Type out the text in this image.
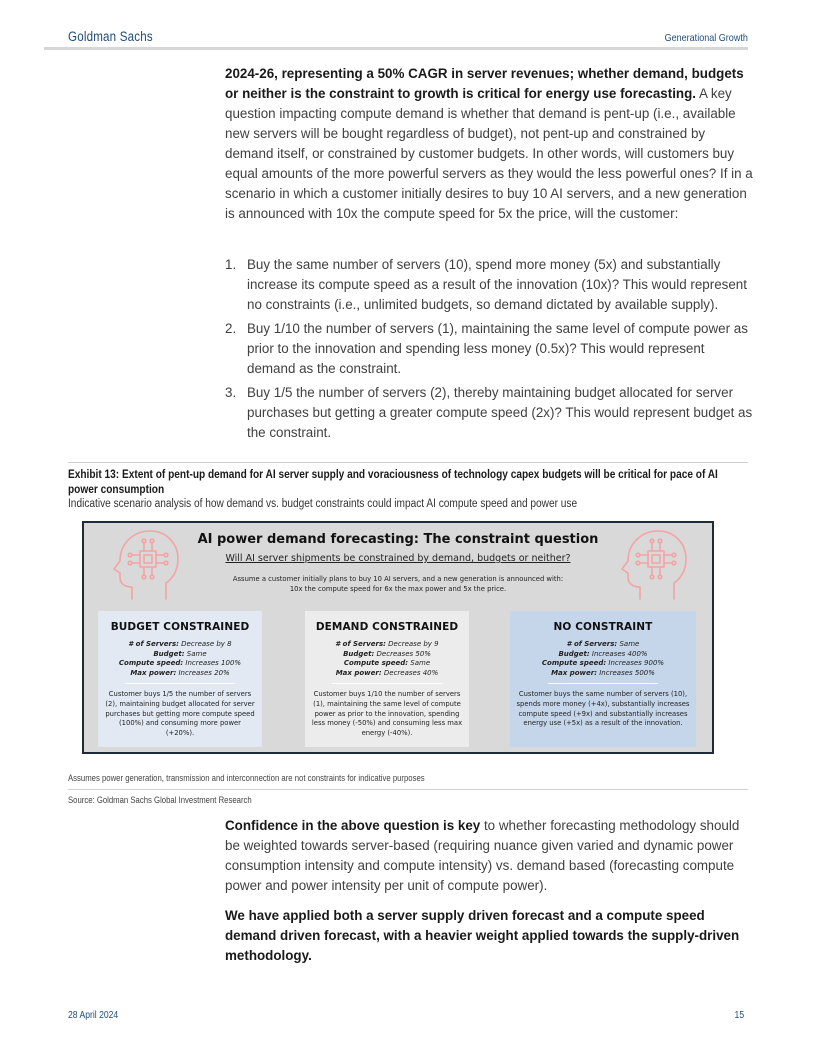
Goldman Sachs	Generational Growth

2024-26, representing a 50% CAGR in server revenues; whether demand, budgets or neither is the constraint to growth is critical for energy use forecasting. A key question impacting compute demand is whether that demand is pent-up (i.e., available new servers will be bought regardless of budget), not pent-up and constrained by demand itself, or constrained by customer budgets. In other words, will customers buy equal amounts of the more powerful servers as they would the less powerful ones? If in a scenario in which a customer initially desires to buy 10 AI servers, and a new generation is announced with 10x the compute speed for 5x the price, will the customer:

1. Buy the same number of servers (10), spend more money (5x) and substantially increase its compute speed as a result of the innovation (10x)? This would represent no constraints (i.e., unlimited budgets, so demand dictated by available supply).
2. Buy 1/10 the number of servers (1), maintaining the same level of compute power as prior to the innovation and spending less money (0.5x)? This would represent demand as the constraint.
3. Buy 1/5 the number of servers (2), thereby maintaining budget allocated for server purchases but getting a greater compute speed (2x)? This would represent budget as the constraint.
Exhibit 13: Extent of pent-up demand for AI server supply and voraciousness of technology capex budgets will be critical for pace of AI power consumption
Indicative scenario analysis of how demand vs. budget constraints could impact AI compute speed and power use
AI power demand forecasting: The constraint question
Will AI server shipments be constrained by demand, budgets or neither?
Assume a customer initially plans to buy 10 AI servers, and a new generation is announced with:
10x the compute speed for 6x the max power and 5x the price.
BUDGET CONSTRAINED
# of Servers: Decrease by 8
Budget: Same
Compute speed: Increases 100%
Max power: Increases 20%
Customer buys 1/5 the number of servers (2), maintaining budget allocated for server purchases but getting more compute speed (100%) and consuming more power (+20%).
DEMAND CONSTRAINED
# of Servers: Decrease by 9
Budget: Decreases 50%
Compute speed: Same
Max power: Decreases 40%
Customer buys 1/10 the number of servers (1), maintaining the same level of compute power as prior to the innovation, spending less money (-50%) and consuming less max energy (-40%).
NO CONSTRAINT
# of Servers: Same
Budget: Increases 400%
Compute speed: Increases 900%
Max power: Increases 500%
Customer buys the same number of servers (10), spends more money (+4x), substantially increases compute speed (+9x) and substantially increases energy use (+5x) as a result of the innovation.
Assumes power generation, transmission and interconnection are not constraints for indicative purposes
Source: Goldman Sachs Global Investment Research

Confidence in the above question is key to whether forecasting methodology should be weighted towards server-based (requiring nuance given varied and dynamic power consumption intensity and compute intensity) vs. demand based (forecasting compute power and power intensity per unit of compute power).

We have applied both a server supply driven forecast and a compute speed demand driven forecast, with a heavier weight applied towards the supply-driven methodology.

28 April 2024	15
